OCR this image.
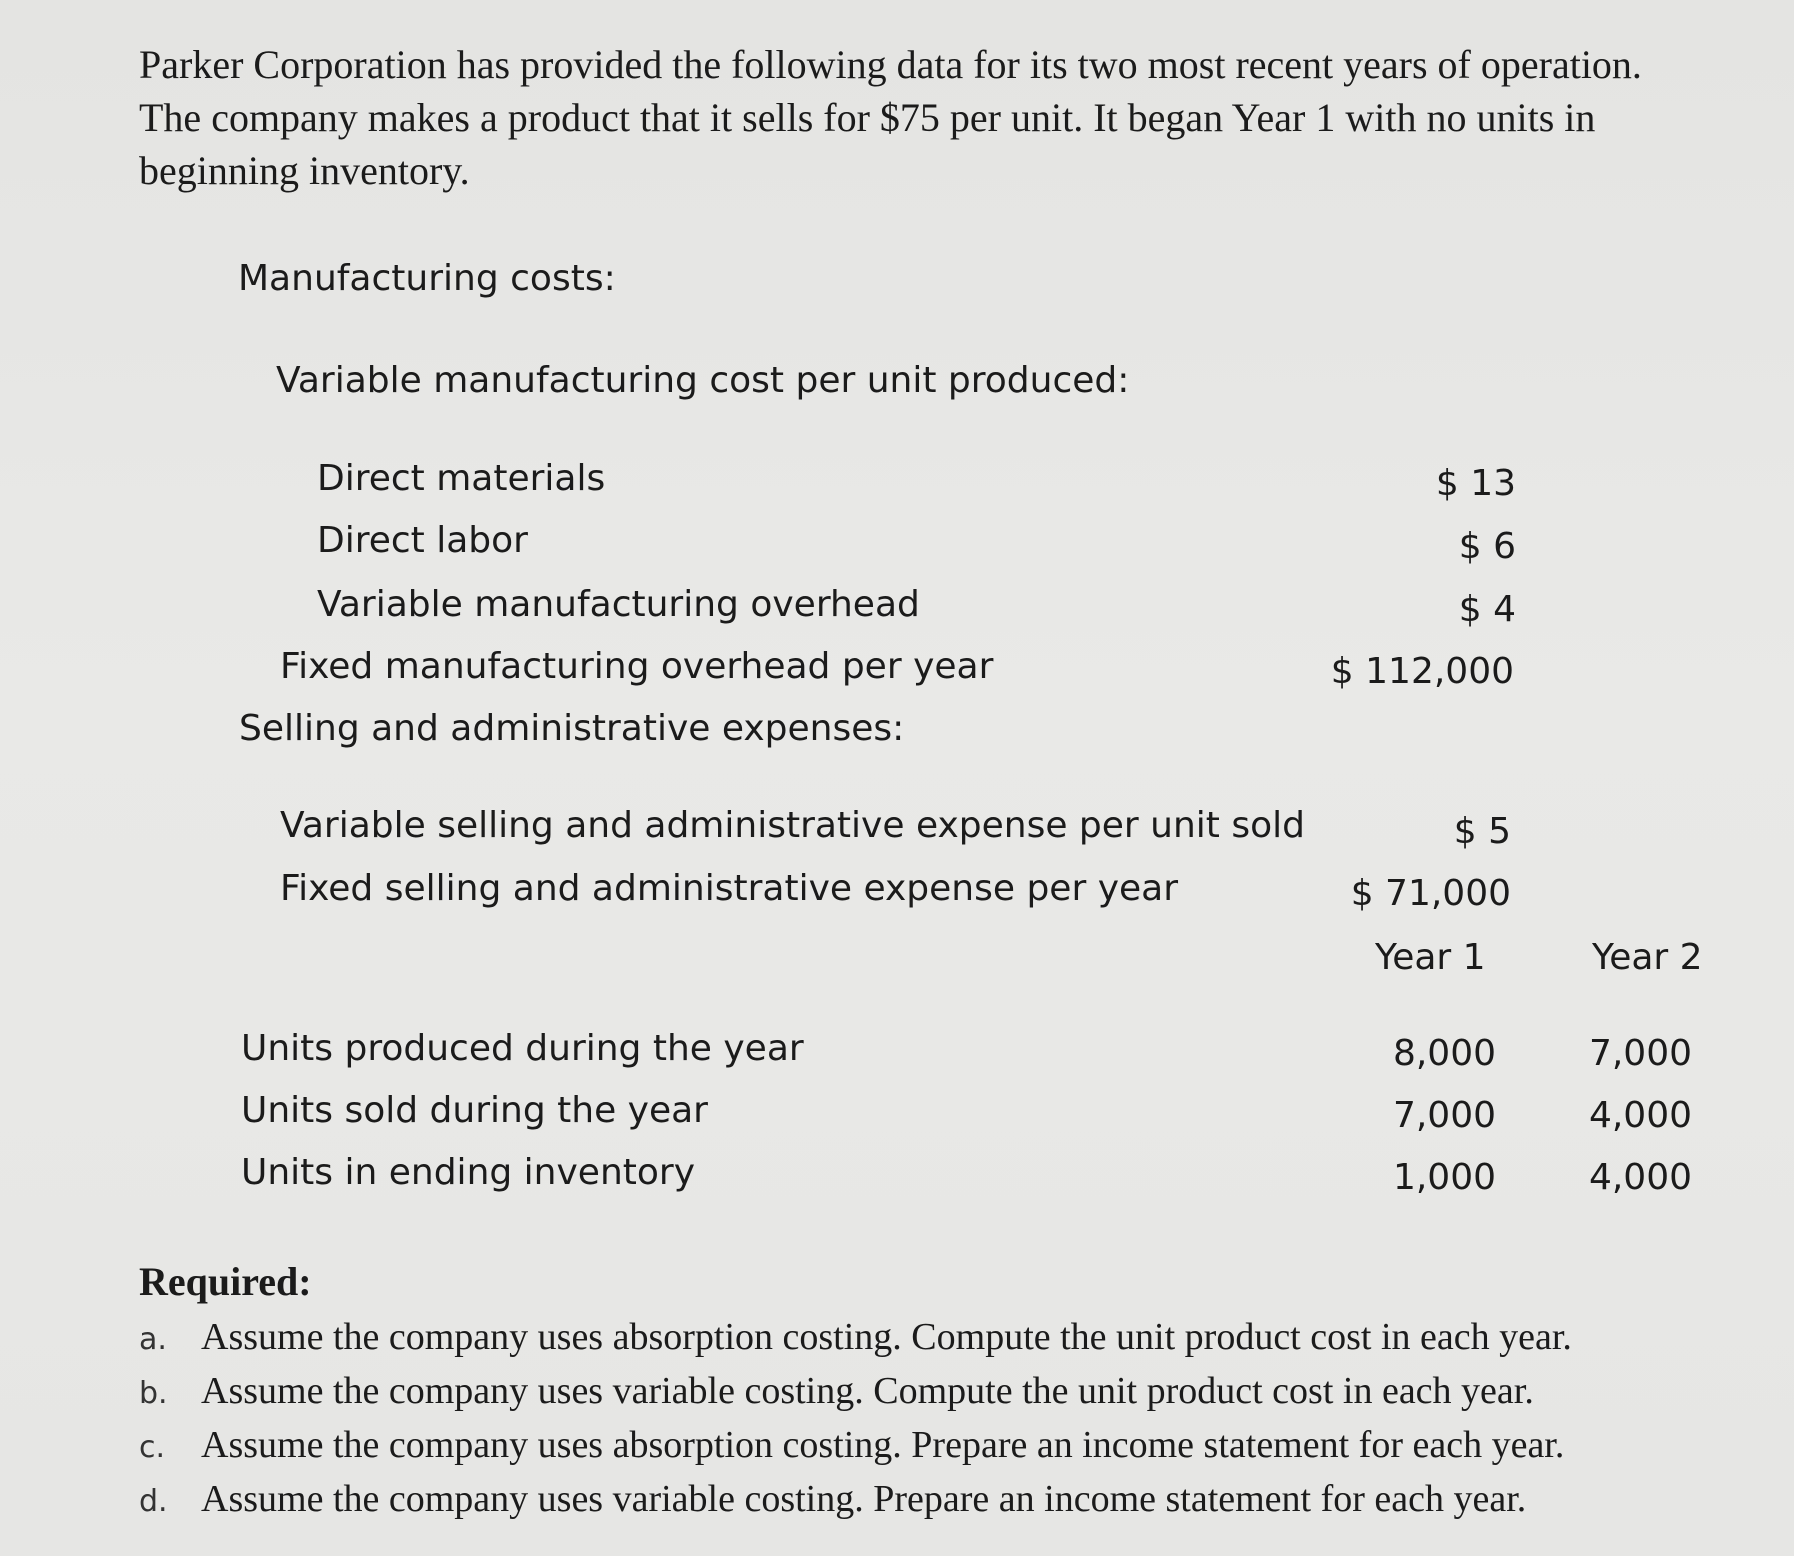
Parker Corporation has provided the following data for its two most recent years of operation. The company makes a product that it sells for $75 per unit. It began Year 1 with no units in beginning inventory.
Manufacturing costs:
Variable manufacturing cost per unit produced:
Direct materials	$ 13
Direct labor	$ 6
Variable manufacturing overhead	$ 4
Fixed manufacturing overhead per year	$ 112,000
Selling and administrative expenses:
Variable selling and administrative expense per unit sold	$ 5
Fixed selling and administrative expense per year	$ 71,000
Year 1	Year 2
Units produced during the year	8,000	7,000
Units sold during the year	7,000	4,000
Units in ending inventory	1,000	4,000
Required:
a. Assume the company uses absorption costing. Compute the unit product cost in each year.
b. Assume the company uses variable costing. Compute the unit product cost in each year.
c. Assume the company uses absorption costing. Prepare an income statement for each year.
d. Assume the company uses variable costing. Prepare an income statement for each year.
